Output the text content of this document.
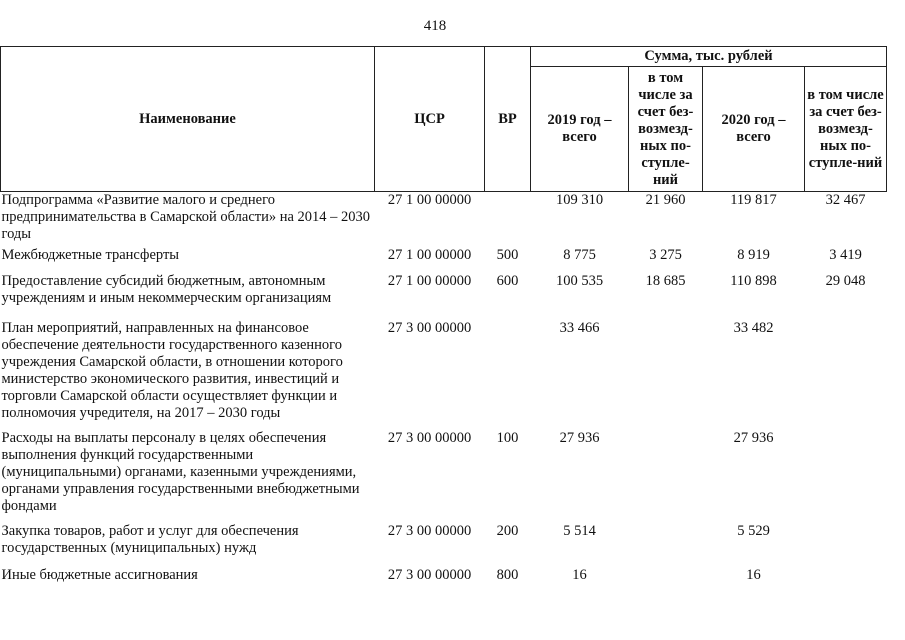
418
Наименование	ЦСР	ВР	Сумма, тыс. рублей			
			2019 год – всего	в том числе за счет без-возмезд-ных по-ступле-ний	2020 год – всего	в том числе за счет без-возмезд-ных по-ступле-ний
Подпрограмма «Развитие малого и среднего предпринимательства в Самарской области» на 2014 – 2030 годы	27 1 00 00000		109 310	21 960	119 817	32 467
Межбюджетные трансферты	27 1 00 00000	500	8 775	3 275	8 919	3 419
Предоставление субсидий бюджетным, автономным учреждениям и иным некоммерческим организациям	27 1 00 00000	600	100 535	18 685	110 898	29 048
План мероприятий, направленных на финансовое обеспечение деятельности государственного казенного учреждения Самарской области, в отношении которого министерство экономического развития, инвестиций и торговли Самарской области осуществляет функции и полномочия учредителя, на 2017 – 2030 годы	27 3 00 00000		33 466		33 482	
Расходы на выплаты персоналу в целях обеспечения выполнения функций государственными (муниципальными) органами, казенными учреждениями, органами управления государственными внебюджетными фондами	27 3 00 00000	100	27 936		27 936	
Закупка товаров, работ и услуг для обеспечения государственных (муниципальных) нужд	27 3 00 00000	200	5 514		5 529	
Иные бюджетные ассигнования	27 3 00 00000	800	16		16	
